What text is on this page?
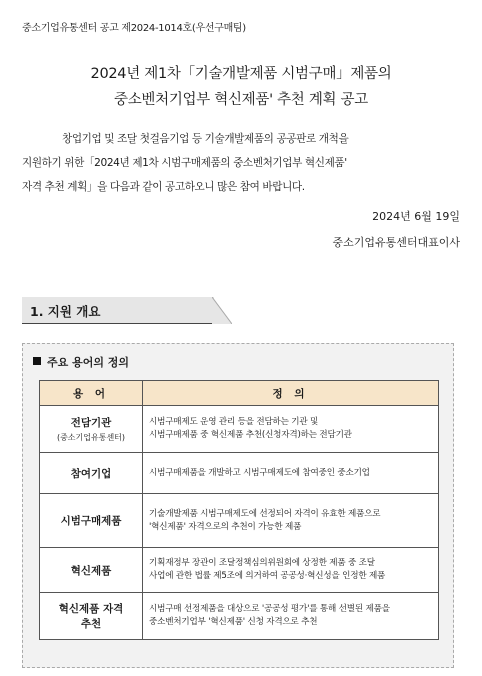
중소기업유통센터 공고 제2024-1014호(우선구매팀)
2024년 제1차「기술개발제품 시범구매」제품의
중소벤처기업부 혁신제품' 추천 계획 공고
창업기업 및 조달 첫걸음기업 등 기술개발제품의 공공판로 개척을
지원하기 위한「2024년 제1차 시범구매제품의 중소벤처기업부 혁신제품'
자격 추천 계획」을 다음과 같이 공고하오니 많은 참여 바랍니다.
2024년 6월 19일
중소기업유통센터대표이사
1. 지원 개요
주요 용어의 정의
용 어	정 의

전담기관
(중소기업유통센터)	시범구매제도 운영 관리 등을 전담하는 기관 및
시범구매제품 중 혁신제품 추천(신청자격)하는 전담기관

참여기업	시범구매제품을 개발하고 시범구매제도에 참여중인 중소기업

시범구매제품	기술개발제품 시범구매제도에 선정되어 자격이 유효한 제품으로
'혁신제품' 자격으로의 추천이 가능한 제품

혁신제품	기획재정부 장관이 조달정책심의위원회에 상정한 제품 중 조달
사업에 관한 법률 제5조에 의거하여 공공성·혁신성을 인정한 제품

혁신제품 자격
추천	시범구매 선정제품을 대상으로 '공공성 평가'를 통해 선별된 제품을
중소벤처기업부 '혁신제품' 신청 자격으로 추천
